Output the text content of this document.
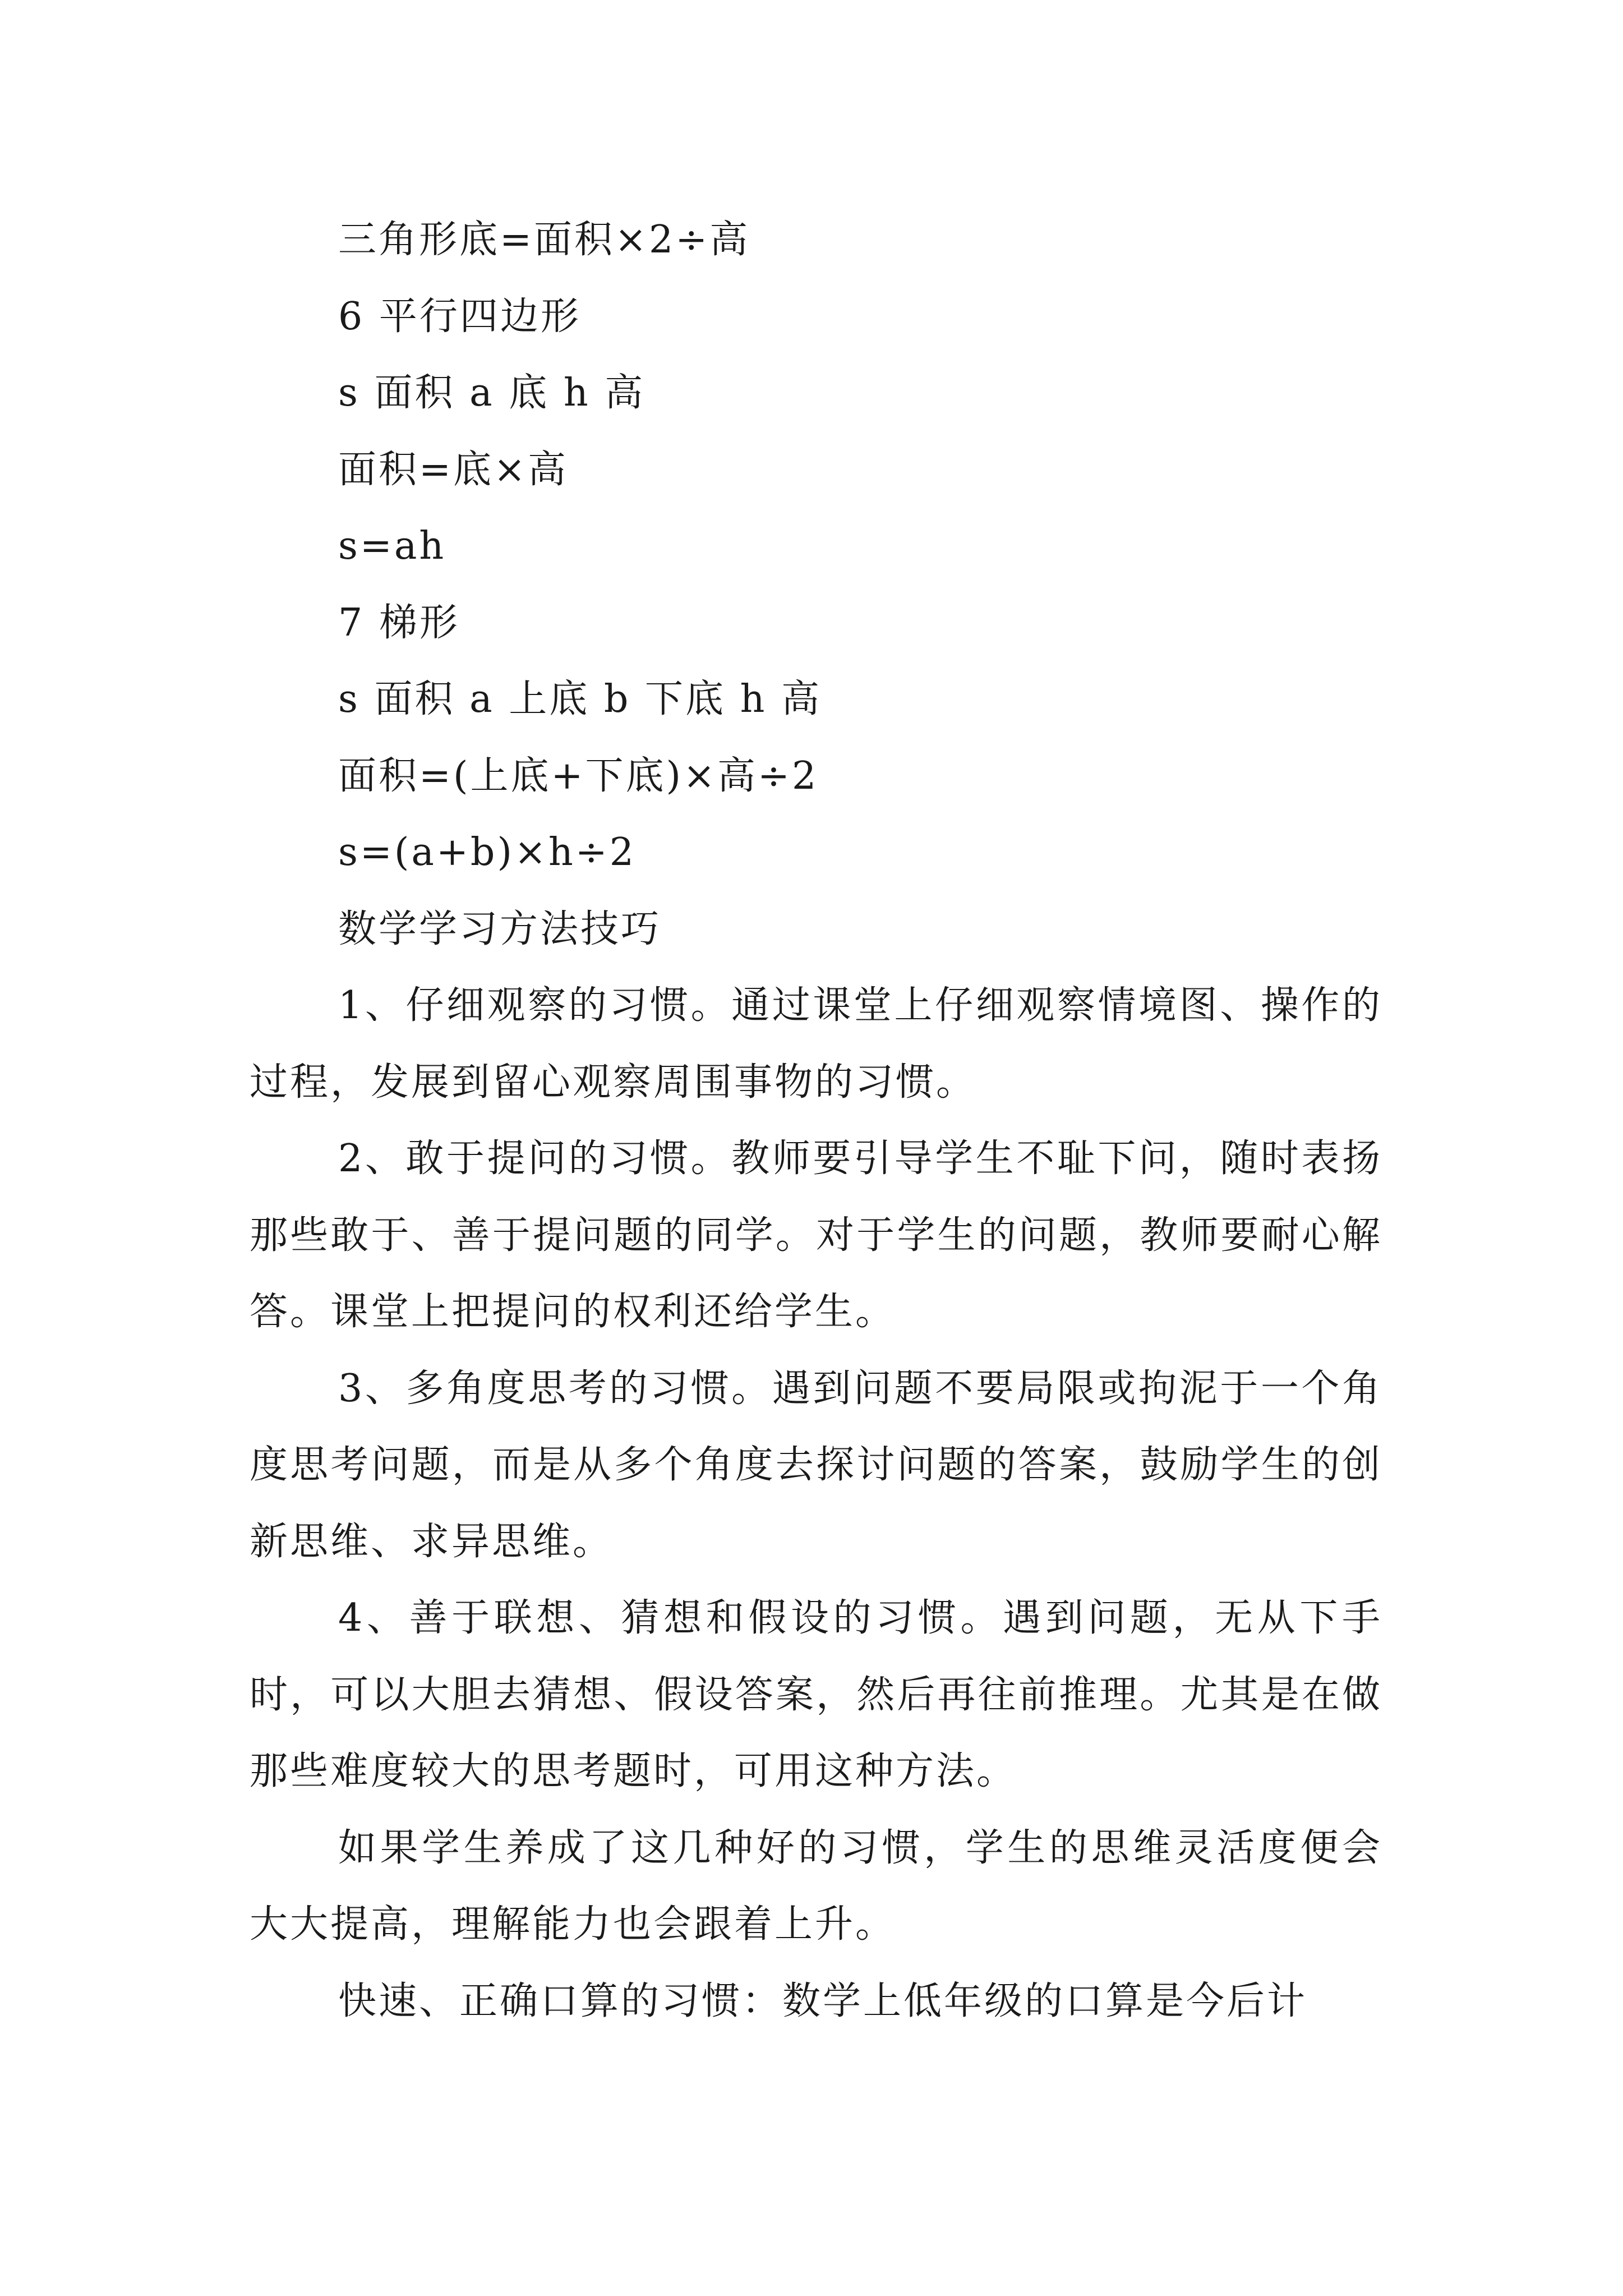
三角形底=面积×2÷高
6 平行四边形
s 面积 a 底 h 高
面积=底×高
s=ah
7 梯形
s 面积 a 上底 b 下底 h 高
面积=(上底+下底)×高÷2
s=(a+b)×h÷2
数学学习方法技巧

1、仔细观察的习惯。通过课堂上仔细观察情境图、操作的过程，发展到留心观察周围事物的习惯。

2、敢于提问的习惯。教师要引导学生不耻下问，随时表扬那些敢于、善于提问题的同学。对于学生的问题，教师要耐心解答。课堂上把提问的权利还给学生。

3、多角度思考的习惯。遇到问题不要局限或拘泥于一个角度思考问题，而是从多个角度去探讨问题的答案，鼓励学生的创新思维、求异思维。

4、善于联想、猜想和假设的习惯。遇到问题，无从下手时，可以大胆去猜想、假设答案，然后再往前推理。尤其是在做那些难度较大的思考题时，可用这种方法。

如果学生养成了这几种好的习惯，学生的思维灵活度便会大大提高，理解能力也会跟着上升。

快速、正确口算的习惯：数学上低年级的口算是今后计
